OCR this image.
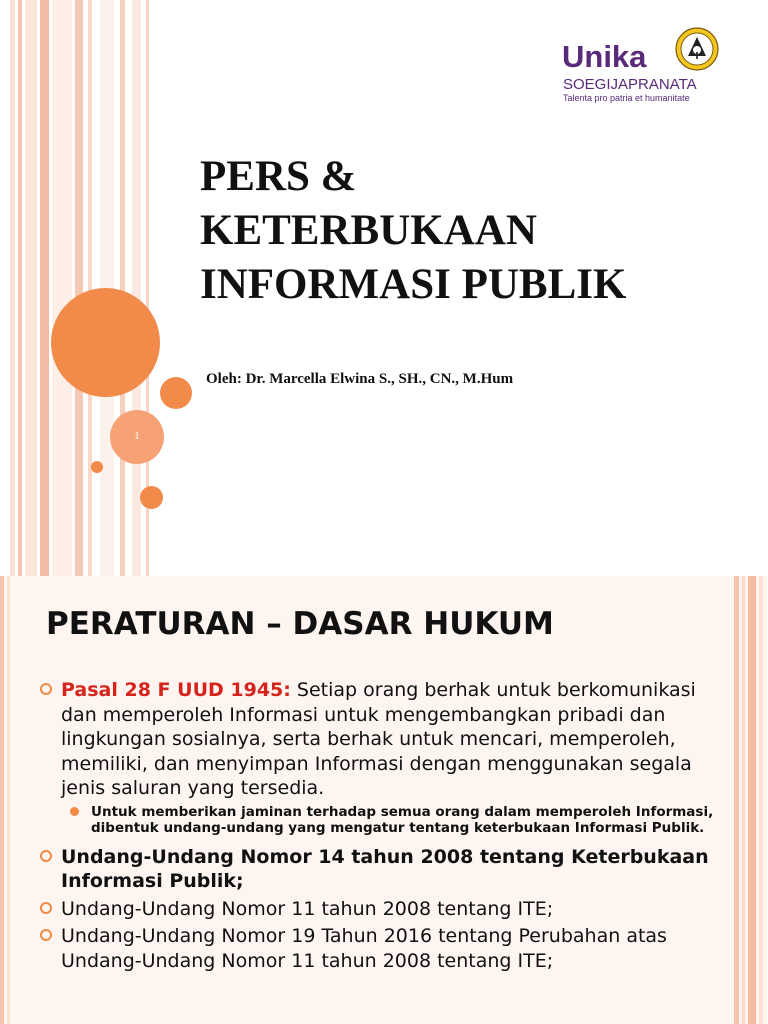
1
Unika
SOEGIJAPRANATA
Talenta pro patria et humanitate
PERS &
KETERBUKAAN
INFORMASI PUBLIK
Oleh: Dr. Marcella Elwina S., SH., CN., M.Hum
PERATURAN – DASAR HUKUM
Pasal 28 F UUD 1945: Setiap orang berhak untuk berkomunikasi dan memperoleh Informasi untuk mengembangkan pribadi dan lingkungan sosialnya, serta berhak untuk mencari, memperoleh, memiliki, dan menyimpan Informasi dengan menggunakan segala jenis saluran yang tersedia.
Untuk memberikan jaminan terhadap semua orang dalam memperoleh Informasi, dibentuk undang-undang yang mengatur tentang keterbukaan Informasi Publik.
Undang-Undang Nomor 14 tahun 2008 tentang Keterbukaan Informasi Publik;
Undang-Undang Nomor 11 tahun 2008 tentang ITE;
Undang-Undang Nomor 19 Tahun 2016 tentang Perubahan atas Undang-Undang Nomor 11 tahun 2008 tentang ITE;
